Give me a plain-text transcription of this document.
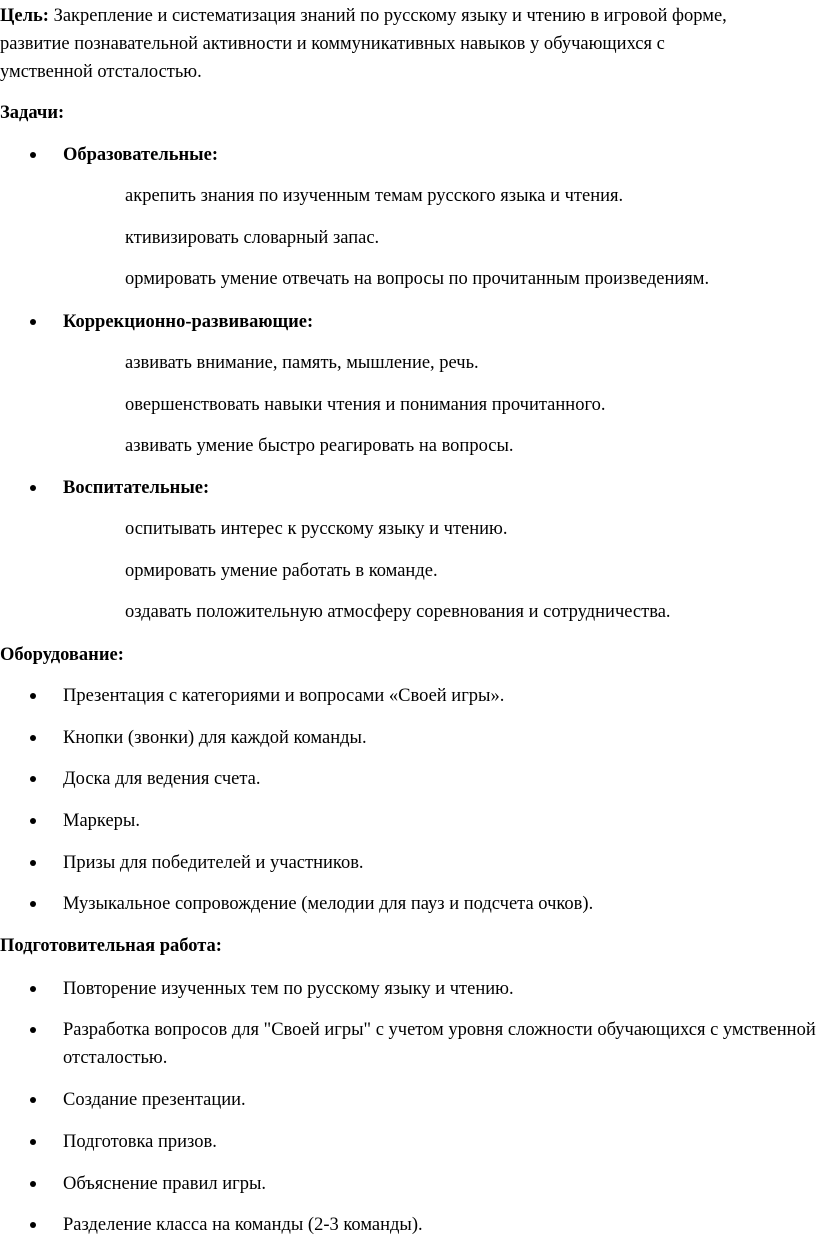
Цель: Закрепление и систематизация знаний по русскому языку и чтению в игровой форме,
развитие познавательной активности и коммуникативных навыков у обучающихся с
умственной отсталостью.
Задачи:
Образовательные:
акрепить знания по изученным темам русского языка и чтения.
ктивизировать словарный запас.
ормировать умение отвечать на вопросы по прочитанным произведениям.
Коррекционно-развивающие:
азвивать внимание, память, мышление, речь.
овершенствовать навыки чтения и понимания прочитанного.
азвивать умение быстро реагировать на вопросы.
Воспитательные:
оспитывать интерес к русскому языку и чтению.
ормировать умение работать в команде.
оздавать положительную атмосферу соревнования и сотрудничества.
Оборудование:
Презентация с категориями и вопросами «Своей игры».
Кнопки (звонки) для каждой команды.
Доска для ведения счета.
Маркеры.
Призы для победителей и участников.
Музыкальное сопровождение (мелодии для пауз и подсчета очков).
Подготовительная работа:
Повторение изученных тем по русскому языку и чтению.
Разработка вопросов для "Своей игры" с учетом уровня сложности обучающихся с умственной отсталостью.
Создание презентации.
Подготовка призов.
Объяснение правил игры.
Разделение класса на команды (2-3 команды).
